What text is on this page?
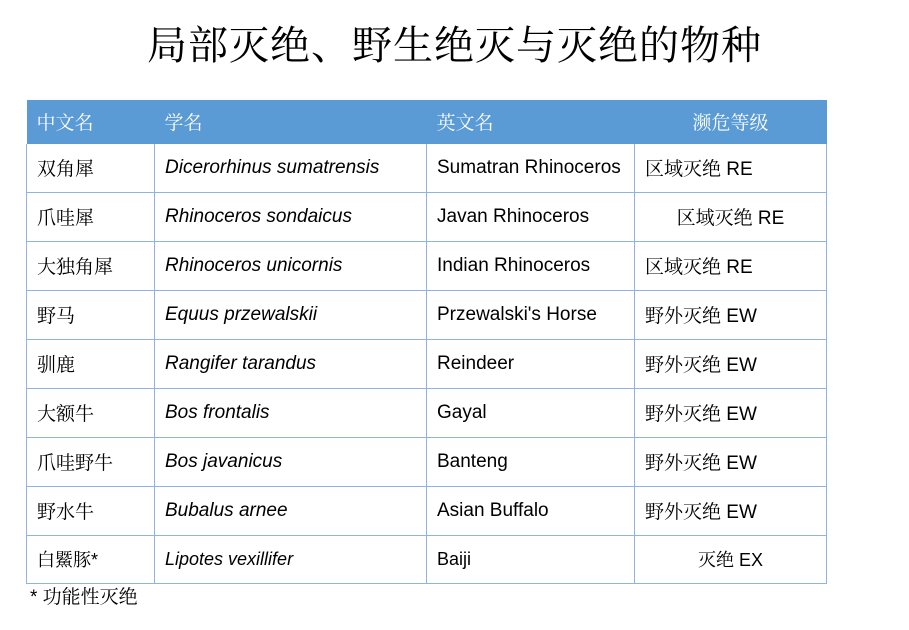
局部灭绝、野生绝灭与灭绝的物种
中文名	学名	英文名	濒危等级
双角犀	Dicerorhinus sumatrensis	Sumatran Rhinoceros	区域灭绝 RE
爪哇犀	Rhinoceros sondaicus	Javan Rhinoceros	区域灭绝 RE
大独角犀	Rhinoceros unicornis	Indian Rhinoceros	区域灭绝 RE
野马	Equus przewalskii	Przewalski's Horse	野外灭绝 EW
驯鹿	Rangifer tarandus	Reindeer	野外灭绝 EW
大额牛	Bos frontalis	Gayal	野外灭绝 EW
爪哇野牛	Bos javanicus	Banteng	野外灭绝 EW
野水牛	Bubalus arnee	Asian Buffalo	野外灭绝 EW
白鱀豚*	Lipotes vexillifer	Baiji	灭绝 EX
* 功能性灭绝
